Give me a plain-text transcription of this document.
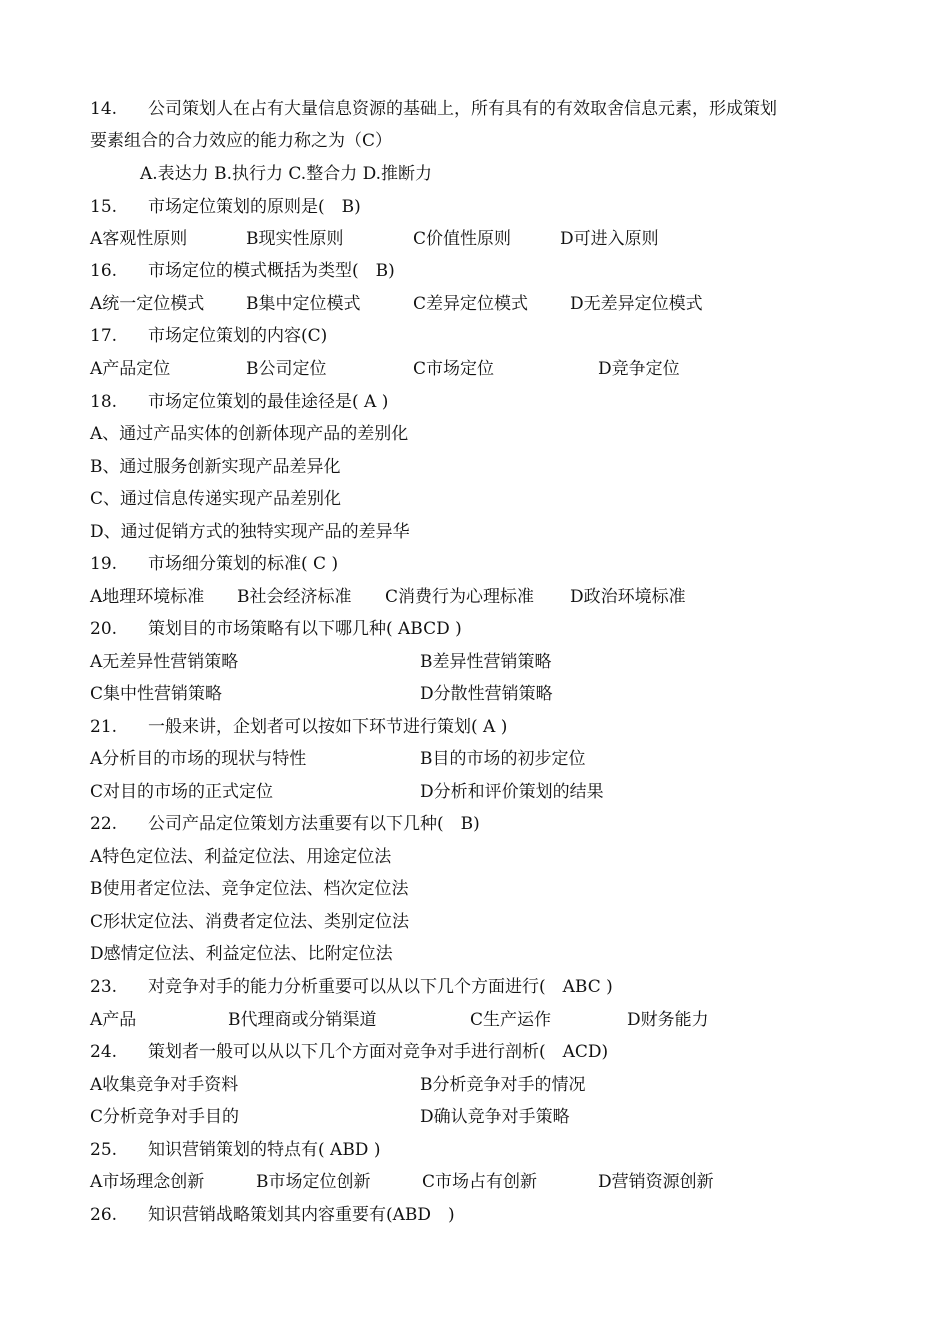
14. 公司策划人在占有大量信息资源的基础上，所有具有的有效取舍信息元素，形成策划
要素组合的合力效应的能力称之为（C）
A.表达力 B.执行力 C.整合力 D.推断力
15. 市场定位策划的原则是(　B)
A客观性原则	B现实性原则	C价值性原则	D可进入原则
16. 市场定位的模式概括为类型(　B)
A统一定位模式 B集中定位模式	C差异定位模式 D无差异定位模式
17. 市场定位策划的内容(C)
A产品定位	B公司定位	C市场定位	D竞争定位
18. 市场定位策划的最佳途径是( A )
A、通过产品实体的创新体现产品的差别化
B、通过服务创新实现产品差异化
C、通过信息传递实现产品差别化
D、通过促销方式的独特实现产品的差异华
19. 市场细分策划的标准( C )
A地理环境标准 B社会经济标准 C消费行为心理标准 D政治环境标准
20. 策划目的市场策略有以下哪几种( ABCD )
A无差异性营销策略	B差异性营销策略
C集中性营销策略	D分散性营销策略
21. 一般来讲，企划者可以按如下环节进行策划( A )
A分析目的市场的现状与特性	B目的市场的初步定位
C对目的市场的正式定位	D分析和评价策划的结果
22. 公司产品定位策划方法重要有以下几种(　B)
A特色定位法、利益定位法、用途定位法
B使用者定位法、竞争定位法、档次定位法
C形状定位法、消费者定位法、类别定位法
D感情定位法、利益定位法、比附定位法
23. 对竞争对手的能力分析重要可以从以下几个方面进行(　ABC )
A产品	B代理商或分销渠道	C生产运作	D财务能力
24. 策划者一般可以从以下几个方面对竞争对手进行剖析(　ACD)
A收集竞争对手资料	B分析竞争对手的情况
C分析竞争对手目的	D确认竞争对手策略
25. 知识营销策划的特点有( ABD )
A市场理念创新	B市场定位创新	C市场占有创新	D营销资源创新
26. 知识营销战略策划其内容重要有(ABD　)
